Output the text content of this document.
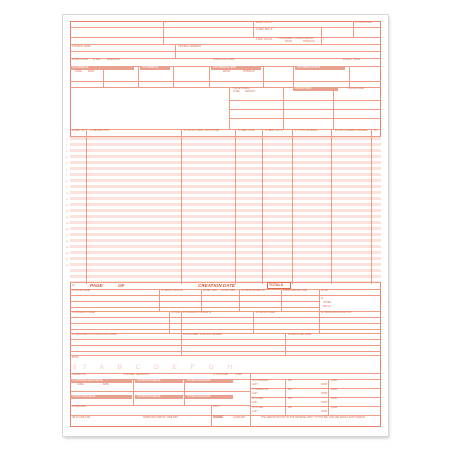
2	3a PAT. CNTL #
b. MED. REC. #
4 TYPE OF BILL
5 FED. TAX NO. 6 STATEMENT COVERS PERIOD
FROM	THROUGH
7
8 PATIENT NAME	9 PATIENT ADDRESS
10 BIRTHDATE 11 SEX	ADMISSION	CONDITION CODES	29 ACDT STATE
OCCURRENCE	OCCURRENCE	OCCURRENCE SPAN	OCCURRENCE SPAN
CODE	DATE	FROM	THROUGH
VALUE CODES
VALUE CODES	VALUE CODES
CODE AMOUNT
42 REV. CD. 43 DESCRIPTION	44 HCPCS / RATE / HIPPS CODE	45 SERV. DATE	46 SERV. UNITS	47 TOTAL CHARGES	48 NON-COVERED CHARGES	49
1
2
3
4
5
6
7
8
9
10
11
12
13
14
15
16
17
18
19
20
21
22
23	PAGE	OF	CREATION DATE	TOTALS
50 PAYER NAME	51 HEALTH PLAN ID	52 REL. INFO 53 ASG. BEN. 54 PRIOR PAYMENTS	55 EST. AMOUNT DUE	56 NPI
57
OTHER
PRV ID
58 INSURED'S NAME	59 P.REL 60 INSURED'S UNIQUE ID	61 GROUP NAME	62 INSURANCE GROUP NO.
63 TREATMENT AUTHORIZATION CODES	64 DOCUMENT CONTROL NUMBER	65 EMPLOYER NAME
66 DX
67 A B C D E F G H
69 ADMIT DX	70 PATIENT REASON DX	71 PPS CODE	72 ECI
74 PRINCIPAL PROCEDURE	OTHER PROCEDURE	OTHER PROCEDURE
CODE	DATE
OTHER PROCEDURE	OTHER PROCEDURE	OTHER PROCEDURE
80 REMARKS	81CC
76 ATTENDING	NPI	QUAL
LAST	FIRST
77 OPERATING	NPI	QUAL
LAST	FIRST
78 OTHER	NPI	QUAL
LAST	FIRST
79 OTHER	NPI	QUAL
LAST	FIRST
UB-04 CMS-1450	APPROVED OMB NO. 0938-0997	NUBC	LIC9213257	THE CERTIFICATIONS ON THE REVERSE APPLY TO THIS BILL AND ARE MADE A PART HEREOF.
